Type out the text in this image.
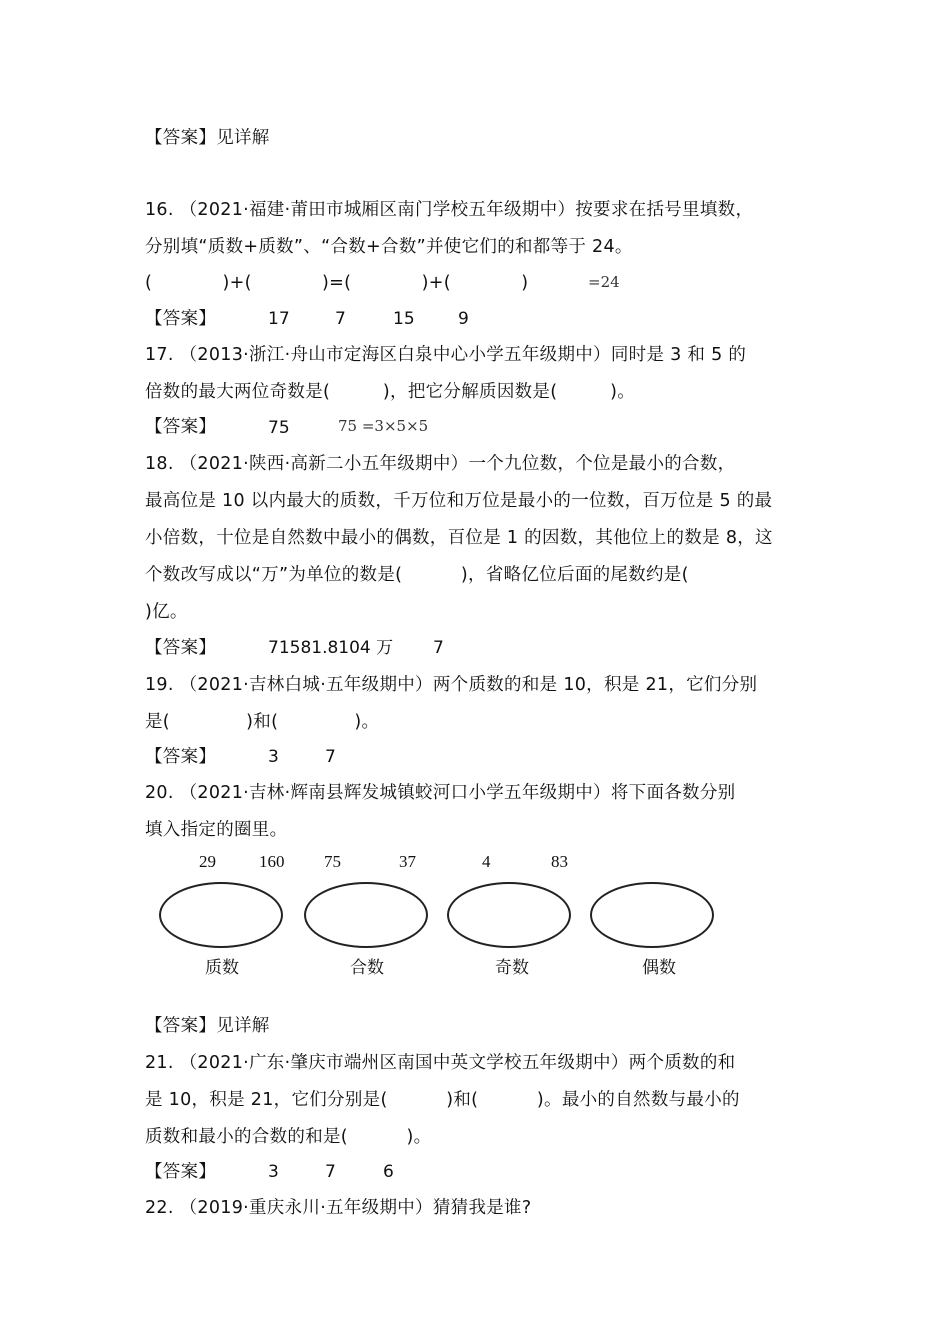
【答案】见详解
16. （2021·福建·莆田市城厢区南门学校五年级期中）按要求在括号里填数，
分别填“质数+质数”、“合数+合数”并使它们的和都等于 24。
(            )+(            )=(            )+(            )	=24
【答案】	17	7	15	9
17. （2013·浙江·舟山市定海区白泉中心小学五年级期中）同时是 3 和 5 的
倍数的最大两位奇数是(         )，把它分解质因数是(         )。
【答案】	75	75 =3×5×5
18. （2021·陕西·高新二小五年级期中）一个九位数，个位是最小的合数，
最高位是 10 以内最大的质数，千万位和万位是最小的一位数，百万位是 5 的最
小倍数，十位是自然数中最小的偶数，百位是 1 的因数，其他位上的数是 8，这
个数改写成以“万”为单位的数是(          )，省略亿位后面的尾数约是(
)亿。
【答案】	71581.8104 万 7
19. （2021·吉林白城·五年级期中）两个质数的和是 10，积是 21，它们分别
是(             )和(             )。
【答案】	3	7
20. （2021·吉林·辉南县辉发城镇蛟河口小学五年级期中）将下面各数分别
填入指定的圈里。
29	160 75	37	4	83
质数	合数	奇数	偶数
【答案】见详解
21. （2021·广东·肇庆市端州区南国中英文学校五年级期中）两个质数的和
是 10，积是 21，它们分别是(          )和(          )。最小的自然数与最小的
质数和最小的合数的和是(          )。
【答案】	3	7	6
22. （2019·重庆永川·五年级期中）猜猜我是谁?
